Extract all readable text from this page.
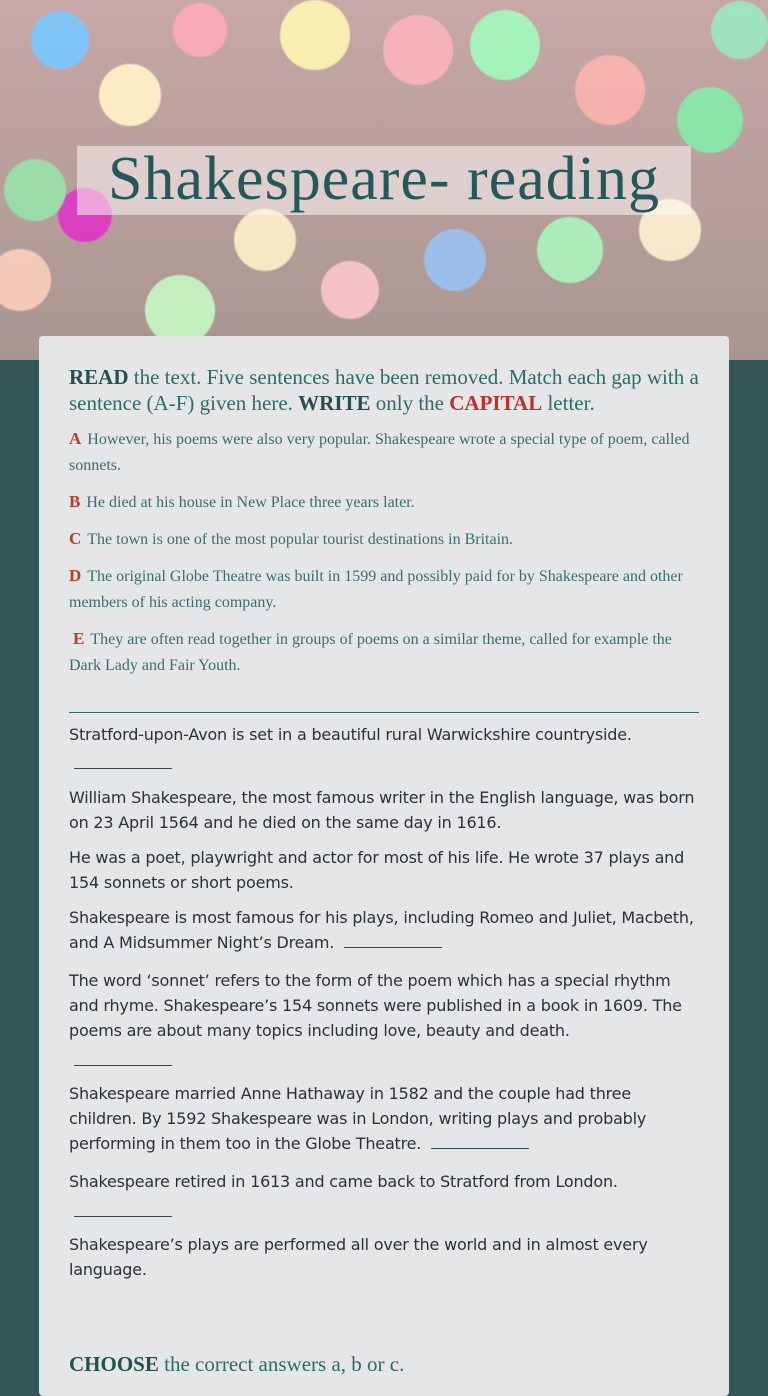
Shakespeare- reading

READ the text. Five sentences have been removed. Match each gap with a sentence (A-F) given here. WRITE only the CAPITAL letter.

A However, his poems were also very popular. Shakespeare wrote a special type of poem, called sonnets.

B He died at his house in New Place three years later.

C The town is one of the most popular tourist destinations in Britain.

D The original Globe Theatre was built in 1599 and possibly paid for by Shakespeare and other members of his acting company.

E They are often read together in groups of poems on a similar theme, called for example the Dark Lady and Fair Youth.

Stratford-upon-Avon is set in a beautiful rural Warwickshire countryside.

William Shakespeare, the most famous writer in the English language, was born on 23 April 1564 and he died on the same day in 1616.

He was a poet, playwright and actor for most of his life. He wrote 37 plays and 154 sonnets or short poems.

Shakespeare is most famous for his plays, including Romeo and Juliet, Macbeth, and A Midsummer Night’s Dream.

The word ‘sonnet’ refers to the form of the poem which has a special rhythm and rhyme. Shakespeare’s 154 sonnets were published in a book in 1609. The poems are about many topics including love, beauty and death.

Shakespeare married Anne Hathaway in 1582 and the couple had three children. By 1592 Shakespeare was in London, writing plays and probably performing in them too in the Globe Theatre.

Shakespeare retired in 1613 and came back to Stratford from London.

Shakespeare’s plays are performed all over the world and in almost every language.

CHOOSE the correct answers a, b or c.
